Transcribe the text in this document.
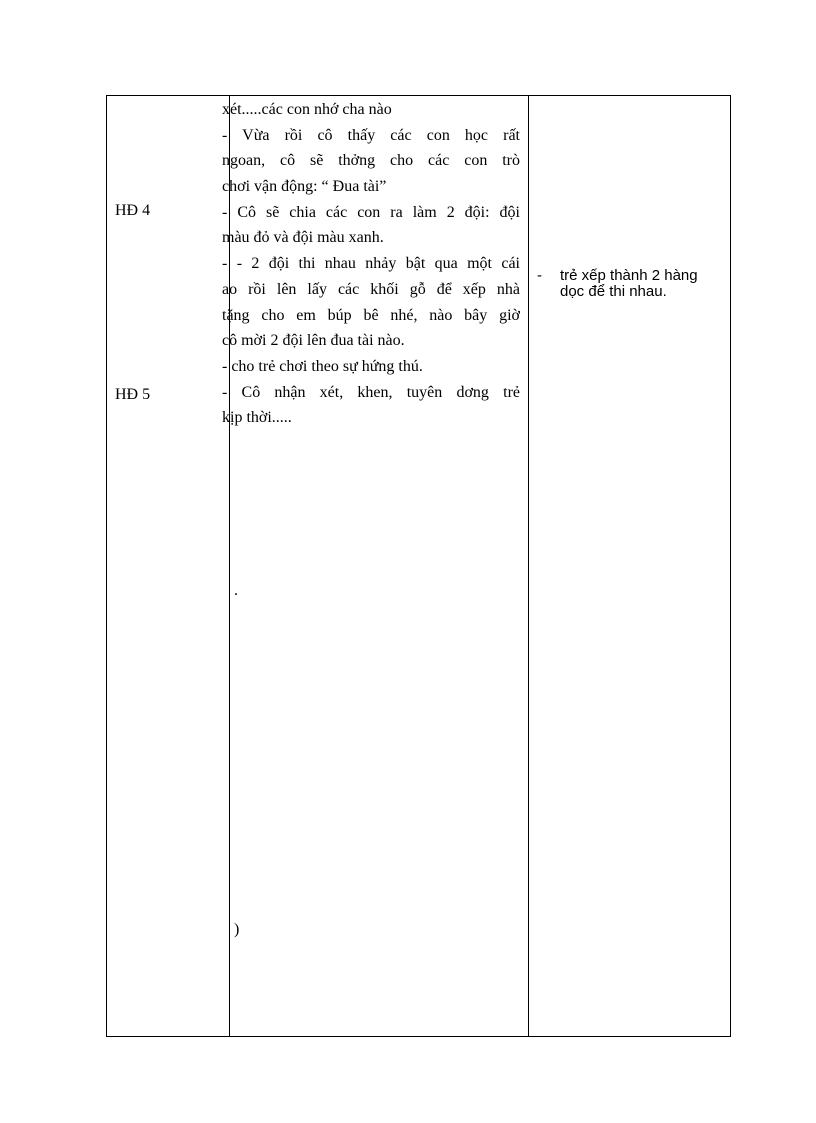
HĐ 4
HĐ 5
xét.....các con nhớ cha nào
- Vừa rồi cô thấy các con học rất
ngoan, cô sẽ thởng cho các con trò
chơi vận động: “ Đua tài”
- Cô sẽ chia các con ra làm 2 đội: đội
màu đỏ và đội màu xanh.
- - 2 đội thi nhau nhảy bật qua một cái
ao rồi lên lấy các khối gỗ để xếp nhà
tặng cho em búp bê nhé, nào bây giờ
cô mời 2 đội lên đua tài nào.
- cho trẻ chơi theo sự hứng thú.
- Cô nhận xét, khen, tuyên dơng trẻ
kịp thời.....
.
)
- trẻ xếp thành 2 hàng dọc để thi nhau.
